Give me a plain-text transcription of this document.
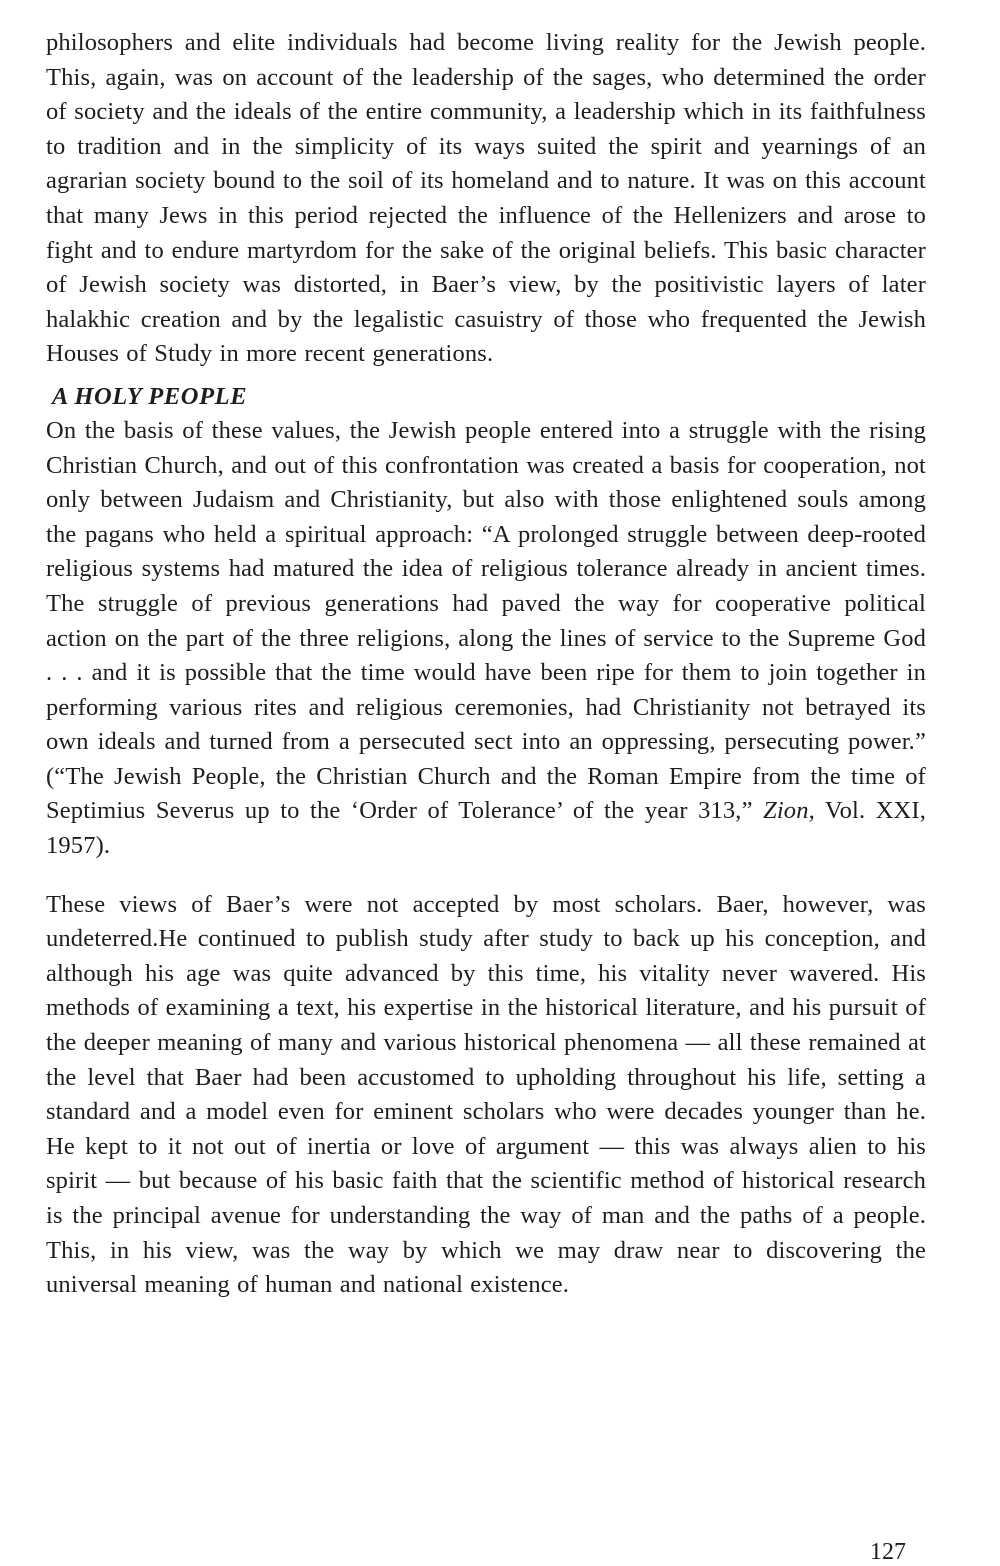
philosophers and elite individuals had become living reality for the Jewish people. This, again, was on account of the leadership of the sages, who determined the order of society and the ideals of the entire community, a leadership which in its faithfulness to tradition and in the simplicity of its ways suited the spirit and yearnings of an agrarian society bound to the soil of its homeland and to nature. It was on this account that many Jews in this period rejected the influence of the Hellenizers and arose to fight and to endure martyrdom for the sake of the original beliefs. This basic character of Jewish society was distorted, in Baer’s view, by the positivistic layers of later halakhic creation and by the legalistic casuistry of those who frequented the Jewish Houses of Study in more recent generations.

A HOLY PEOPLE

On the basis of these values, the Jewish people entered into a struggle with the rising Christian Church, and out of this confrontation was created a basis for cooperation, not only between Judaism and Christianity, but also with those enlightened souls among the pagans who held a spiritual approach: “A prolonged struggle between deep-rooted religious systems had matured the idea of religious tolerance already in ancient times. The struggle of previous generations had paved the way for cooperative political action on the part of the three religions, along the lines of service to the Supreme God . . . and it is possible that the time would have been ripe for them to join together in performing various rites and religious ceremonies, had Christianity not betrayed its own ideals and turned from a persecuted sect into an oppressing, persecuting power.” (“The Jewish People, the Christian Church and the Roman Empire from the time of Septimius Severus up to the ‘Order of Tolerance’ of the year 313,” Zion, Vol. XXI, 1957).

These views of Baer’s were not accepted by most scholars. Baer, however, was undeterred.He continued to publish study after study to back up his conception, and although his age was quite advanced by this time, his vitality never wavered. His methods of examining a text, his expertise in the historical literature, and his pursuit of the deeper meaning of many and various historical phenomena — all these remained at the level that Baer had been accustomed to upholding throughout his life, setting a standard and a model even for eminent scholars who were decades younger than he. He kept to it not out of inertia or love of argument — this was always alien to his spirit — but because of his basic faith that the scientific method of historical research is the principal avenue for understanding the way of man and the paths of a people. This, in his view, was the way by which we may draw near to discovering the universal meaning of human and national existence.

127
